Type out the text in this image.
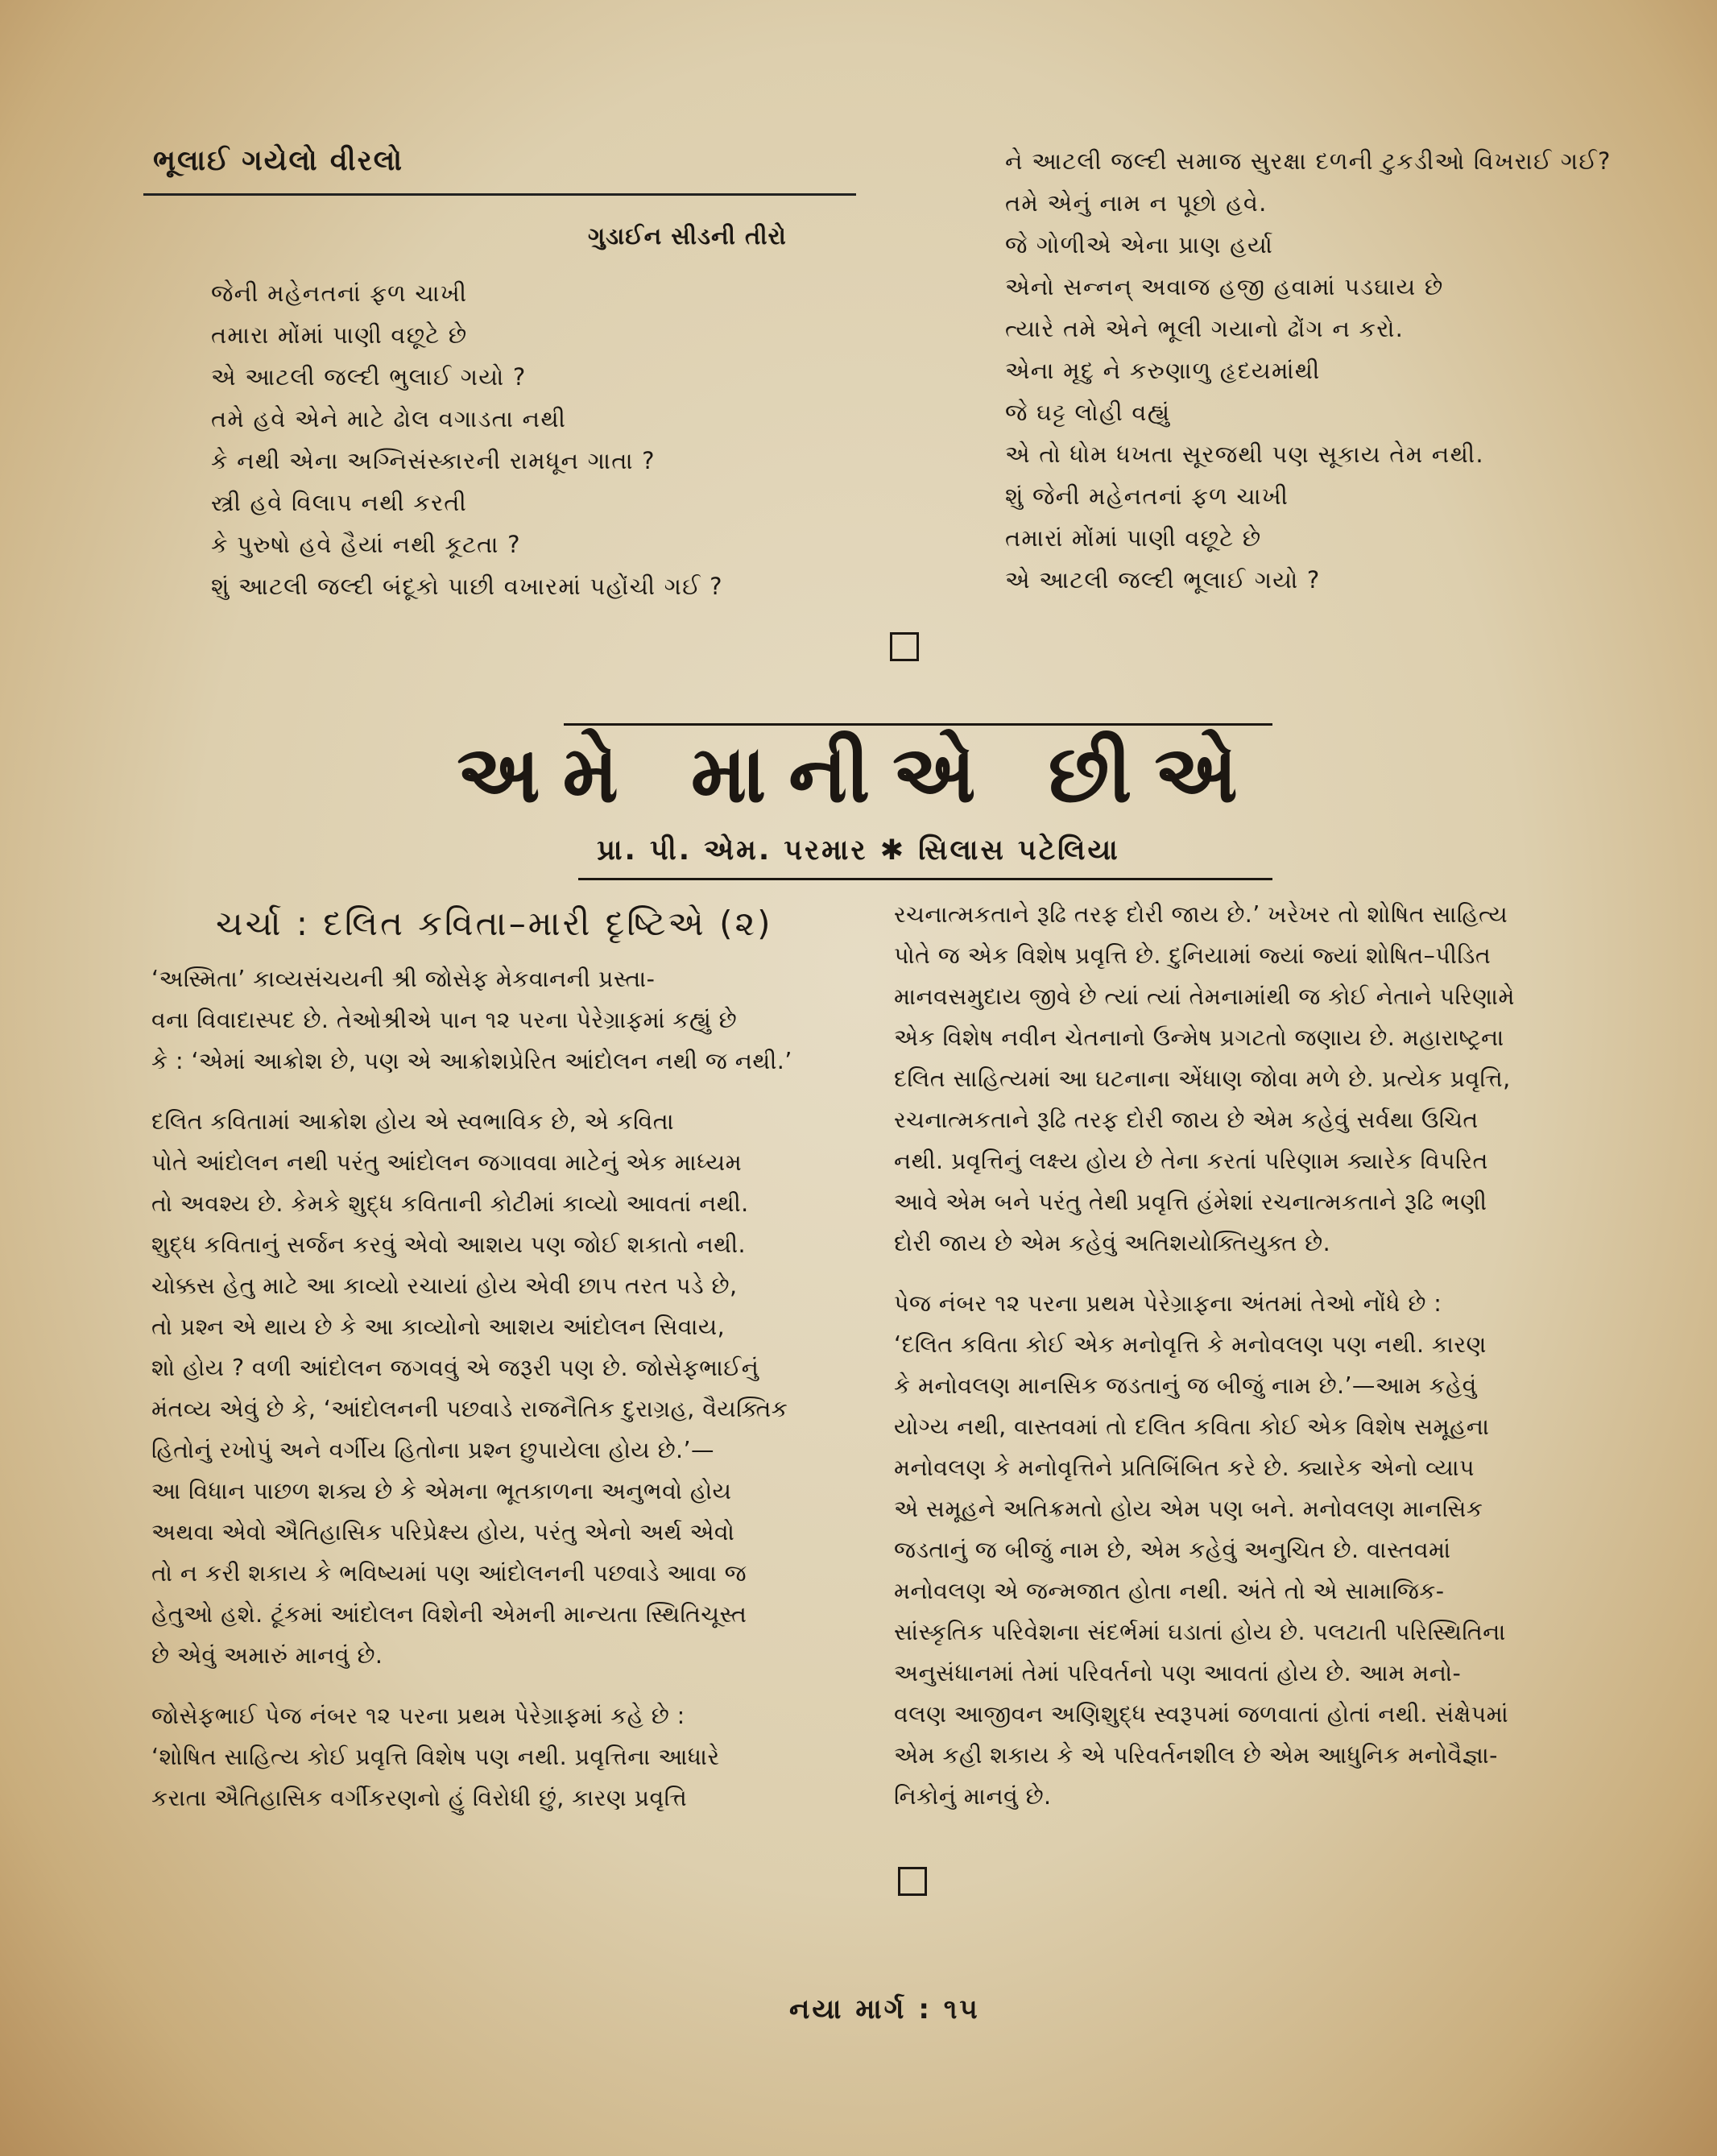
ભૂલાઈ ગયેલો વીરલો
ગુડાઈન સીડની તીરો
જેની મહેનતનાં ફળ ચાખી
તમારા મોંમાં પાણી વછૂટે છે
એ આટલી જલ્દી ભુલાઈ ગયો ?
તમે હવે એને માટે ઢોલ વગાડતા નથી
કે નથી એના અગ્નિસંસ્કારની રામધૂન ગાતા ?
સ્ત્રી હવે વિલાપ નથી કરતી
કે પુરુષો હવે હૈયાં નથી કૂટતા ?
શું આટલી જલ્દી બંદૂકો પાછી વખારમાં પહોંચી ગઈ ?
ને આટલી જલ્દી સમાજ સુરક્ષા દળની ટુકડીઓ વિખરાઈ ગઈ?
તમે એનું નામ ન પૂછો હવે.
જે ગોળીએ એના પ્રાણ હર્યા
એનો સન્નન્ અવાજ હજી હવામાં પડઘાય છે
ત્યારે તમે એને ભૂલી ગયાનો ઢોંગ ન કરો.
એના મૃદુ ને કરુણાળુ હૃદયમાંથી
જે ઘટ્ટ લોહી વહ્યું
એ તો ધોમ ધખતા સૂરજથી પણ સૂકાય તેમ નથી.
શું જેની મહેનતનાં ફળ ચાખી
તમારાં મોંમાં પાણી વછૂટે છે
એ આટલી જલ્દી ભૂલાઈ ગયો ?
અમે માનીએ છીએ
પ્રા. પી. એમ. પરમાર ✱ સિલાસ પટેલિયા
ચર્ચા : દલિત કવિતા–મારી દૃષ્ટિએ (૨)

‘અસ્મિતા’ કાવ્યસંચયની શ્રી જોસેફ મેકવાનની પ્રસ્તા-
વના વિવાદાસ્પદ છે. તેઓશ્રીએ પાન ૧૨ પરના પેરેગ્રાફમાં કહ્યું છે
કે : ‘એમાં આક્રોશ છે, પણ એ આક્રોશપ્રેરિત આંદોલન નથી જ નથી.’

દલિત કવિતામાં આક્રોશ હોય એ સ્વભાવિક છે, એ કવિતા
પોતે આંદોલન નથી પરંતુ આંદોલન જગાવવા માટેનું એક માધ્યમ
તો અવશ્ય છે. કેમકે શુદ્ધ કવિતાની કોટીમાં કાવ્યો આવતાં નથી.
શુદ્ધ કવિતાનું સર્જન કરવું એવો આશય પણ જોઈ શકાતો નથી.
ચોક્કસ હેતુ માટે આ કાવ્યો રચાયાં હોય એવી છાપ તરત પડે છે,
તો પ્રશ્ન એ થાય છે કે આ કાવ્યોનો આશય આંદોલન સિવાય,
શો હોય ? વળી આંદોલન જગવવું એ જરૂરી પણ છે. જોસેફભાઈનું
મંતવ્ય એવું છે કે, ‘આંદોલનની પછવાડે રાજનૈતિક દુરાગ્રહ, વૈયક્તિક
હિતોનું રખોપું અને વર્ગીય હિતોના પ્રશ્ન છુપાયેલા હોય છે.’—
આ વિધાન પાછળ શક્ય છે કે એમના ભૂતકાળના અનુભવો હોય
અથવા એવો ઐતિહાસિક પરિપ્રેક્ષ્ય હોય, પરંતુ એનો અર્થ એવો
તો ન કરી શકાય કે ભવિષ્યમાં પણ આંદોલનની પછવાડે આવા જ
હેતુઓ હશે. ટૂંકમાં આંદોલન વિશેની એમની માન્યતા સ્થિતિચૂસ્ત
છે એવું અમારું માનવું છે.

જોસેફભાઈ પેજ નંબર ૧૨ પરના પ્રથમ પેરેગ્રાફમાં કહે છે :
‘શોષિત સાહિત્ય કોઈ પ્રવૃત્તિ વિશેષ પણ નથી. પ્રવૃત્તિના આધારે
કરાતા ઐતિહાસિક વર્ગીકરણનો હું વિરોધી છું, કારણ પ્રવૃત્તિ

રચનાત્મકતાને રૂઢિ તરફ દોરી જાય છે.’ ખરેખર તો શોષિત સાહિત્ય
પોતે જ એક વિશેષ પ્રવૃત્તિ છે. દુનિયામાં જ્યાં જ્યાં શોષિત–પીડિત
માનવસમુદાય જીવે છે ત્યાં ત્યાં તેમનામાંથી જ કોઈ નેતાને પરિણામે
એક વિશેષ નવીન ચેતનાનો ઉન્મેષ પ્રગટતો જણાય છે. મહારાષ્ટ્રના
દલિત સાહિત્યમાં આ ઘટનાના એંધાણ જોવા મળે છે. પ્રત્યેક પ્રવૃત્તિ,
રચનાત્મકતાને રૂઢિ તરફ દોરી જાય છે એમ કહેવું સર્વથા ઉચિત
નથી. પ્રવૃત્તિનું લક્ષ્ય હોય છે તેના કરતાં પરિણામ ક્યારેક વિપરિત
આવે એમ બને પરંતુ તેથી પ્રવૃત્તિ હંમેશાં રચનાત્મકતાને રૂઢિ ભણી
દોરી જાય છે એમ કહેવું અતિશયોક્તિયુક્ત છે.

પેજ નંબર ૧૨ પરના પ્રથમ પેરેગ્રાફના અંતમાં તેઓ નોંધે છે :
‘દલિત કવિતા કોઈ એક મનોવૃત્તિ કે મનોવલણ પણ નથી. કારણ
કે મનોવલણ માનસિક જડતાનું જ બીજું નામ છે.’—આમ કહેવું
યોગ્ય નથી, વાસ્તવમાં તો દલિત કવિતા કોઈ એક વિશેષ સમૂહના
મનોવલણ કે મનોવૃત્તિને પ્રતિબિંબિત કરે છે. ક્યારેક એનો વ્યાપ
એ સમૂહને અતિક્રમતો હોય એમ પણ બને. મનોવલણ માનસિક
જડતાનું જ બીજું નામ છે, એમ કહેવું અનુચિત છે. વાસ્તવમાં
મનોવલણ એ જન્મજાત હોતા નથી. અંતે તો એ સામાજિક-
સાંસ્કૃતિક પરિવેશના સંદર્ભમાં ઘડાતાં હોય છે. પલટાતી પરિસ્થિતિના
અનુસંધાનમાં તેમાં પરિવર્તનો પણ આવતાં હોય છે. આમ મનો-
વલણ આજીવન અણિશુદ્ધ સ્વરૂપમાં જળવાતાં હોતાં નથી. સંક્ષેપમાં
એમ કહી શકાય કે એ પરિવર્તનશીલ છે એમ આધુનિક મનોવૈજ્ઞા-
નિકોનું માનવું છે.

નયા માર્ગ : ૧૫
